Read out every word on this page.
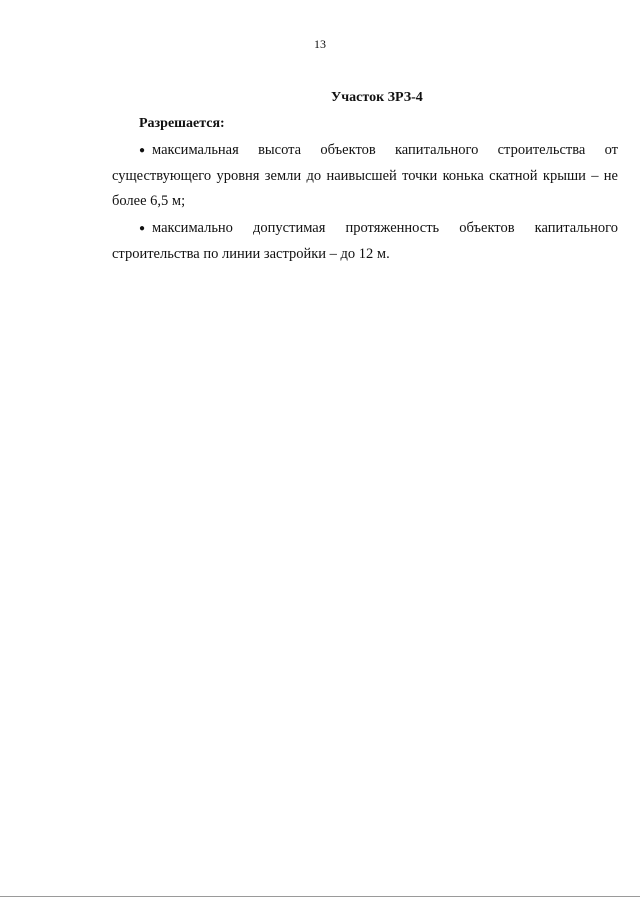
13
Участок ЗРЗ-4
Разрешается:
● максимальная высота объектов капитального строительства от существующего уровня земли до наивысшей точки конька скатной крыши – не более 6,5 м;
● максимально допустимая протяженность объектов капитального строительства по линии застройки – до 12 м.
